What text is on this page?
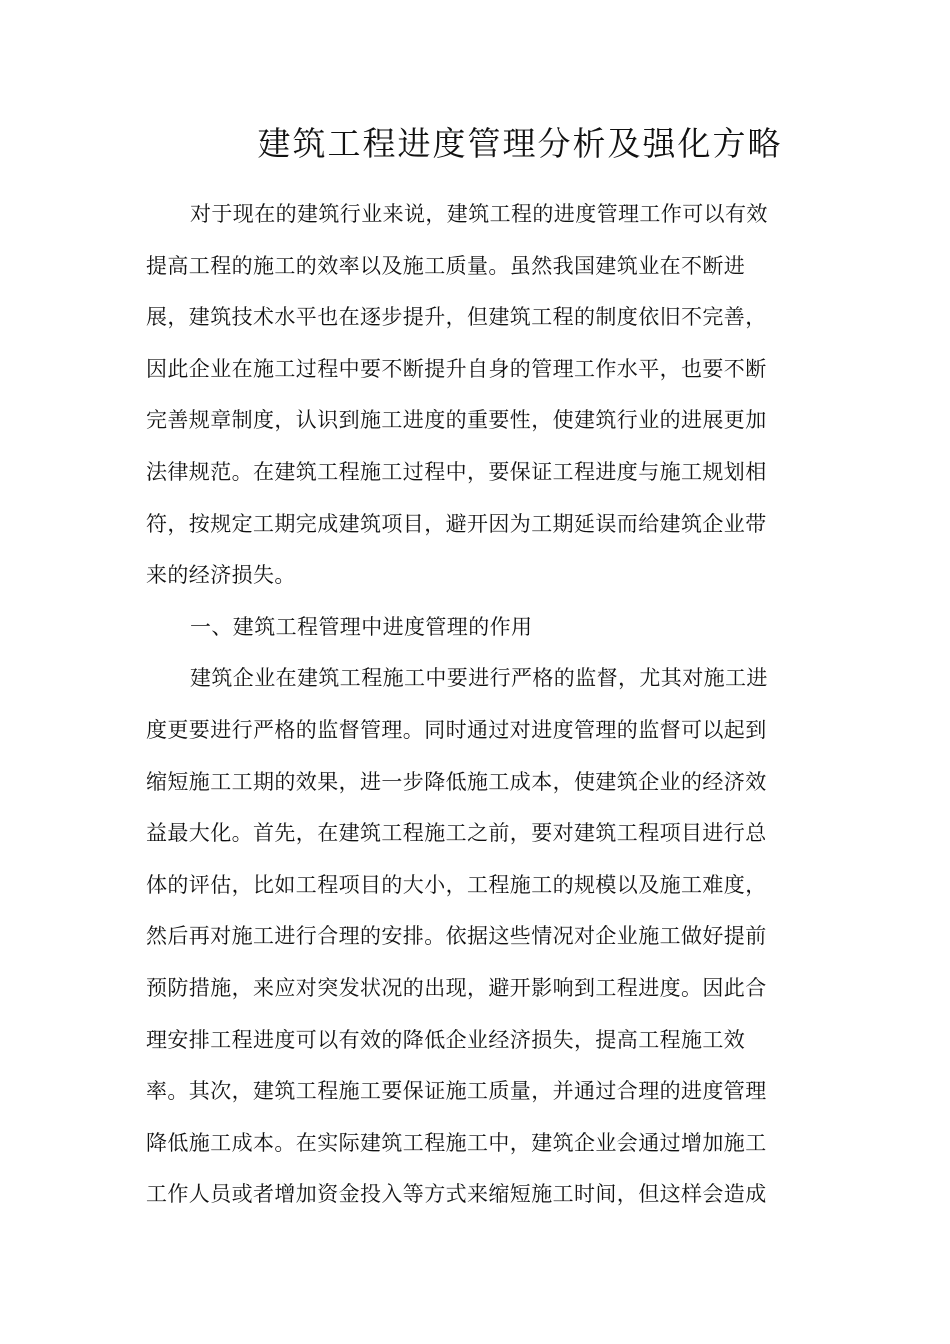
建筑工程进度管理分析及强化方略
对于现在的建筑行业来说，建筑工程的进度管理工作可以有效
提高工程的施工的效率以及施工质量。虽然我国建筑业在不断进
展，建筑技术水平也在逐步提升，但建筑工程的制度依旧不完善，
因此企业在施工过程中要不断提升自身的管理工作水平，也要不断
完善规章制度，认识到施工进度的重要性，使建筑行业的进展更加
法律规范。在建筑工程施工过程中，要保证工程进度与施工规划相
符，按规定工期完成建筑项目，避开因为工期延误而给建筑企业带
来的经济损失。
一、建筑工程管理中进度管理的作用
建筑企业在建筑工程施工中要进行严格的监督，尤其对施工进
度更要进行严格的监督管理。同时通过对进度管理的监督可以起到
缩短施工工期的效果，进一步降低施工成本，使建筑企业的经济效
益最大化。首先，在建筑工程施工之前，要对建筑工程项目进行总
体的评估，比如工程项目的大小，工程施工的规模以及施工难度，
然后再对施工进行合理的安排。依据这些情况对企业施工做好提前
预防措施，来应对突发状况的出现，避开影响到工程进度。因此合
理安排工程进度可以有效的降低企业经济损失，提高工程施工效
率。其次，建筑工程施工要保证施工质量，并通过合理的进度管理
降低施工成本。在实际建筑工程施工中，建筑企业会通过增加施工
工作人员或者增加资金投入等方式来缩短施工时间，但这样会造成
